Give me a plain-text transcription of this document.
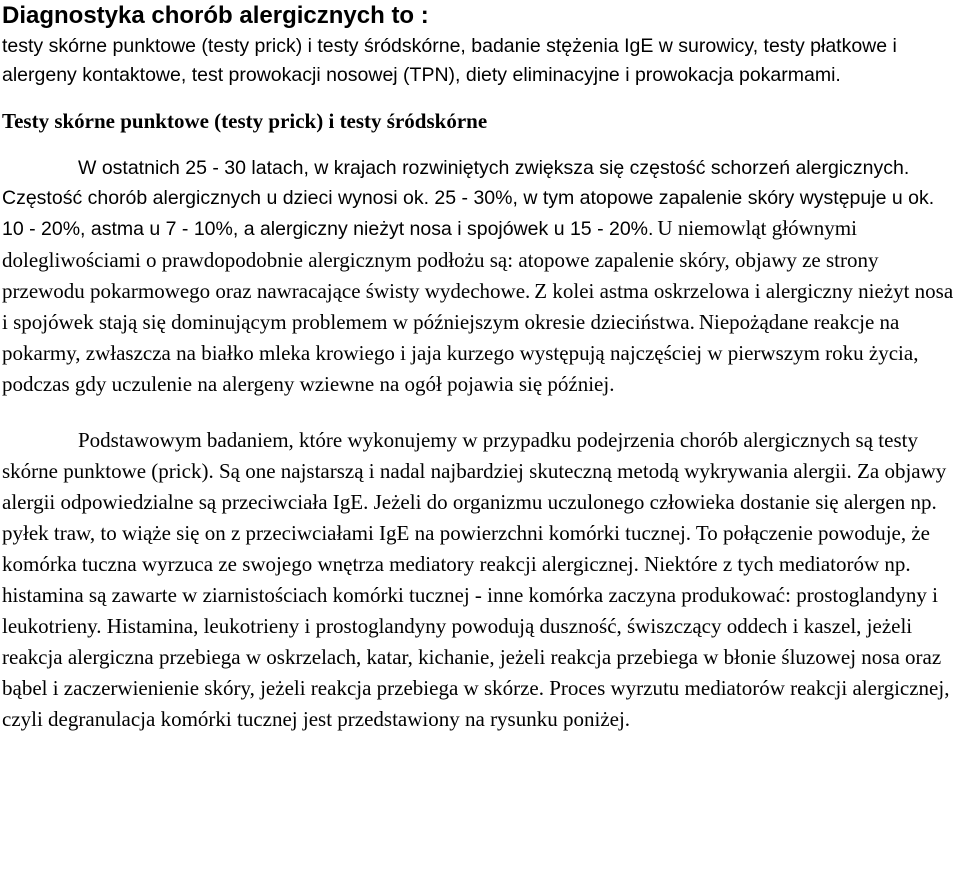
Diagnostyka chorób alergicznych to :

testy skórne punktowe (testy prick) i testy śródskórne, badanie stężenia IgE w surowicy, testy płatkowe i alergeny kontaktowe, test prowokacji nosowej (TPN), diety eliminacyjne i prowokacja pokarmami.

Testy skórne punktowe (testy prick) i testy śródskórne

W ostatnich 25 - 30 latach, w krajach rozwiniętych zwiększa się częstość schorzeń alergicznych. Częstość chorób alergicznych u dzieci wynosi ok. 25 - 30%, w tym atopowe zapalenie skóry występuje u ok. 10 - 20%, astma u 7 - 10%, a alergiczny nieżyt nosa i spojówek u 15 - 20%. U niemowląt głównymi dolegliwościami o prawdopodobnie alergicznym podłożu są: atopowe zapalenie skóry, objawy ze strony przewodu pokarmowego oraz nawracające świsty wydechowe. Z kolei astma oskrzelowa i alergiczny nieżyt nosa i spojówek stają się dominującym problemem w późniejszym okresie dzieciństwa. Niepożądane reakcje na pokarmy, zwłaszcza na białko mleka krowiego i jaja kurzego występują najczęściej w pierwszym roku życia, podczas gdy uczulenie na alergeny wziewne na ogół pojawia się później.

Podstawowym badaniem, które wykonujemy w przypadku podejrzenia chorób alergicznych są testy skórne punktowe (prick). Są one najstarszą i nadal najbardziej skuteczną metodą wykrywania alergii. Za objawy alergii odpowiedzialne są przeciwciała IgE. Jeżeli do organizmu uczulonego człowieka dostanie się alergen np. pyłek traw, to wiąże się on z przeciwciałami IgE na powierzchni komórki tucznej. To połączenie powoduje, że komórka tuczna wyrzuca ze swojego wnętrza mediatory reakcji alergicznej. Niektóre z tych mediatorów np. histamina są zawarte w ziarnistościach komórki tucznej - inne komórka zaczyna produkować: prostoglandyny i leukotrieny. Histamina, leukotrieny i prostoglandyny powodują duszność, świszczący oddech i kaszel, jeżeli reakcja alergiczna przebiega w oskrzelach, katar, kichanie, jeżeli reakcja przebiega w błonie śluzowej nosa oraz bąbel i zaczerwienienie skóry, jeżeli reakcja przebiega w skórze. Proces wyrzutu mediatorów reakcji alergicznej, czyli degranulacja komórki tucznej jest przedstawiony na rysunku poniżej.
